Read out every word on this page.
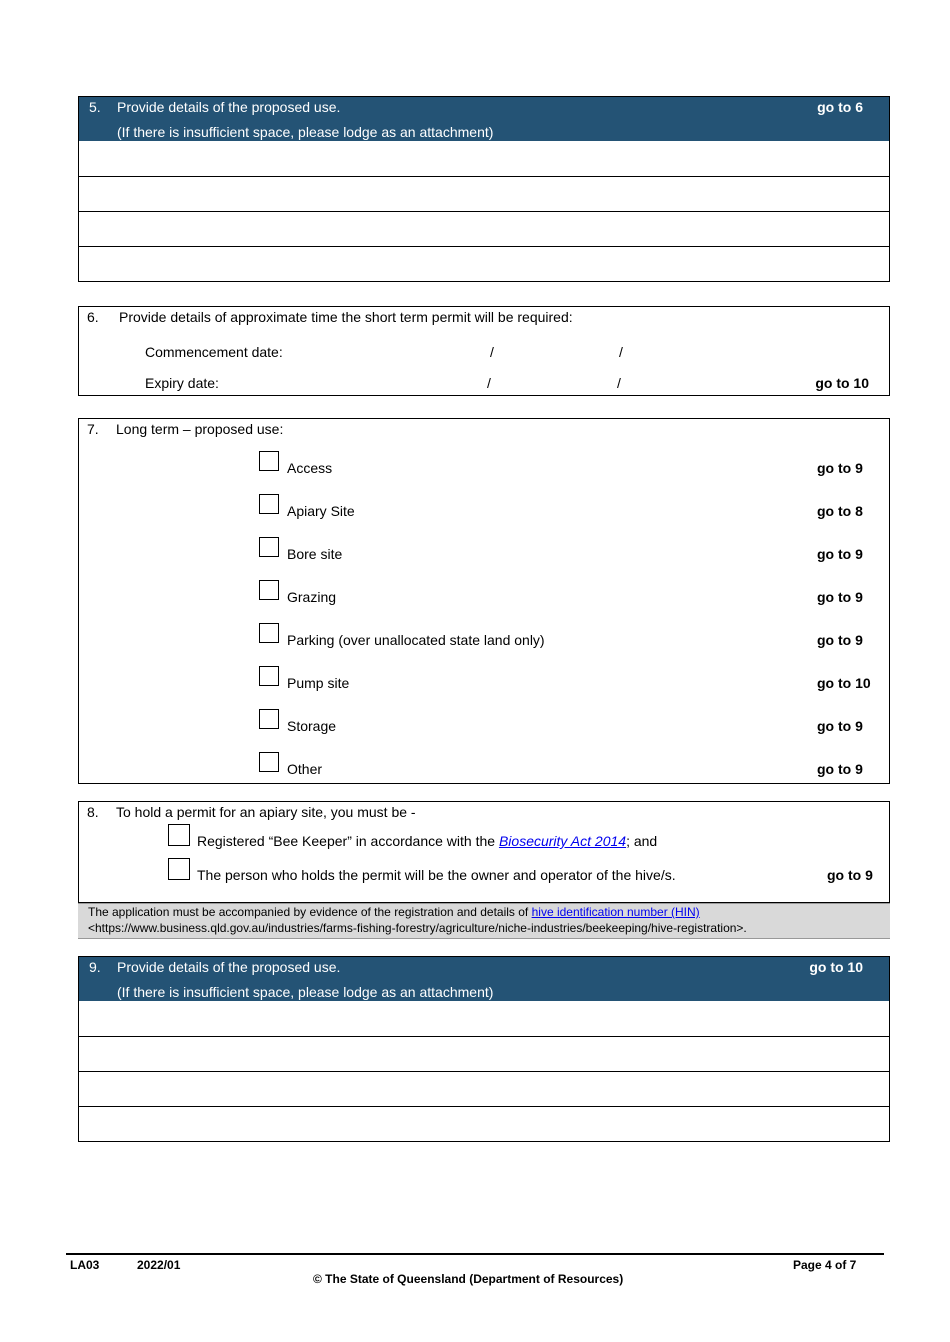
5. Provide details of the proposed use.
(If there is insufficient space, please lodge as an attachment)
go to 6
6. Provide details of approximate time the short term permit will be required:
Commencement date:	/	/
Expiry date:	/	/	go to 10
7. Long term – proposed use:
Access	go to 9
Apiary Site	go to 8
Bore site	go to 9
Grazing	go to 9
Parking (over unallocated state land only)	go to 9
Pump site	go to 10
Storage	go to 9
Other	go to 9
8. To hold a permit for an apiary site, you must be -
Registered “Bee Keeper” in accordance with the Biosecurity Act 2014; and
The person who holds the permit will be the owner and operator of the hive/s.	go to 9
The application must be accompanied by evidence of the registration and details of hive identification number (HIN)
<https://www.business.qld.gov.au/industries/farms-fishing-forestry/agriculture/niche-industries/beekeeping/hive-registration>.
9. Provide details of the proposed use.
(If there is insufficient space, please lodge as an attachment)
go to 10
LA03	2022/01
© The State of Queensland (Department of Resources)
Page 4 of 7
